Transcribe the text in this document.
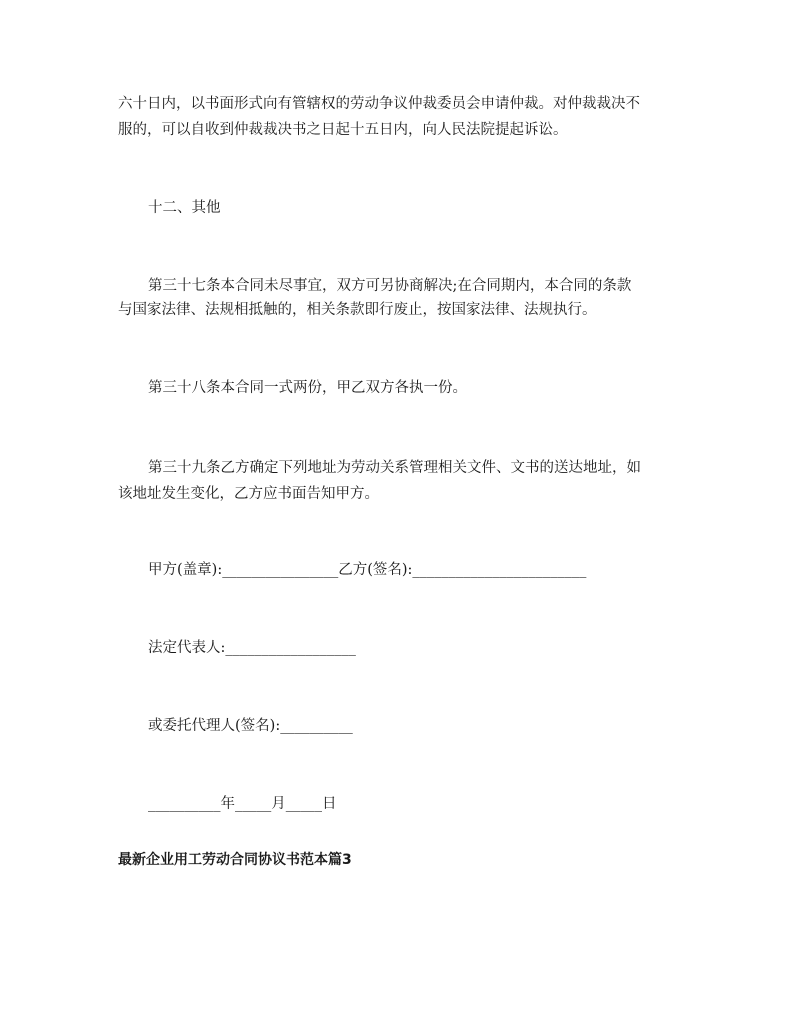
六十日内，以书面形式向有管辖权的劳动争议仲裁委员会申请仲裁。对仲裁裁决不
服的，可以自收到仲裁裁决书之日起十五日内，向人民法院提起诉讼。
十二、其他
第三十七条本合同未尽事宜，双方可另协商解决;在合同期内，本合同的条款
与国家法律、法规相抵触的，相关条款即行废止，按国家法律、法规执行。
第三十八条本合同一式两份，甲乙双方各执一份。
第三十九条乙方确定下列地址为劳动关系管理相关文件、文书的送达地址，如
该地址发生变化，乙方应书面告知甲方。
甲方(盖章):________________乙方(签名):________________________
法定代表人:__________________
或委托代理人(签名):__________
__________年_____月_____日
最新企业用工劳动合同协议书范本篇3
